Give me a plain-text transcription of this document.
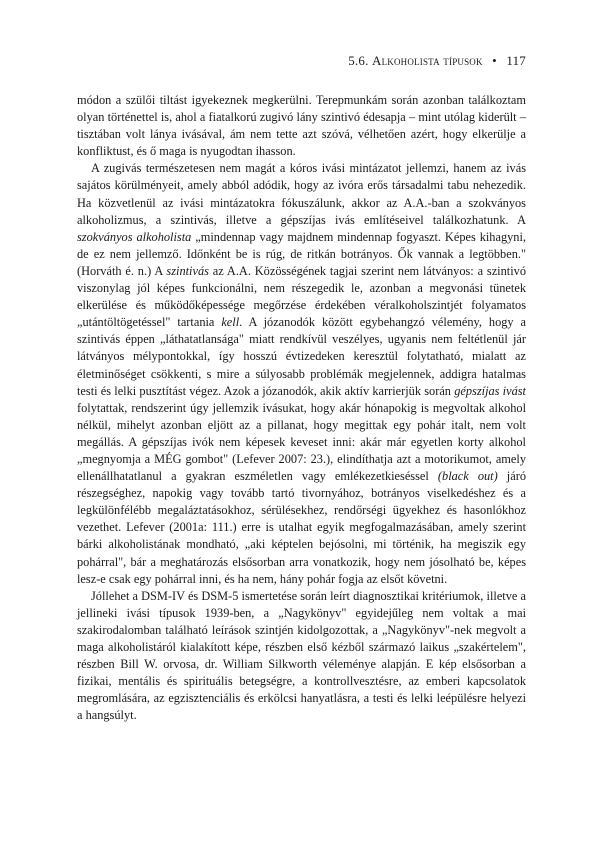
5.6. Alkoholista típusok • 117

módon a szülői tiltást igyekeznek megkerülni. Terepmunkám során azonban találkoztam olyan történettel is, ahol a fiatalkorú zugivó lány szintivó édesapja – mint utólag kiderült – tisztában volt lánya ivásával, ám nem tette azt szóvá, vélhetően azért, hogy elkerülje a konfliktust, és ő maga is nyugodtan ihasson.

A zugivás természetesen nem magát a kóros ivási mintázatot jellemzi, hanem az ivás sajátos körülményeit, amely abból adódik, hogy az ivóra erős társadalmi tabu nehezedik. Ha közvetlenül az ivási mintázatokra fókuszálunk, akkor az A.A.-ban a szokványos alkoholizmus, a szintivás, illetve a gépszíjas ivás említéseivel találkozhatunk. A szokványos alkoholista „mindennap vagy majdnem mindennap fogyaszt. Képes kihagyni, de ez nem jellemző. Időnként be is rúg, de ritkán botrányos. Ők vannak a legtöbben." (Horváth é. n.) A szintivás az A.A. Közösségének tagjai szerint nem látványos: a szintivó viszonylag jól képes funkcionálni, nem részegedik le, azonban a megvonási tünetek elkerülése és működőképessége megőrzése érdekében véralkoholszintjét folyamatos „utántöltögetéssel" tartania kell. A józanodók között egybehangzó vélemény, hogy a szintivás éppen „láthatatlansága" miatt rendkívül veszélyes, ugyanis nem feltétlenül jár látványos mélypontokkal, így hosszú évtizedeken keresztül folytatható, mialatt az életminőséget csökkenti, s mire a súlyosabb problémák megjelennek, addigra hatalmas testi és lelki pusztítást végez. Azok a józanodók, akik aktív karrierjük során gépszíjas ivást folytattak, rendszerint úgy jellemzik ivásukat, hogy akár hónapokig is megvoltak alkohol nélkül, mihelyt azonban eljött az a pillanat, hogy megittak egy pohár italt, nem volt megállás. A gépszíjas ivók nem képesek keveset inni: akár már egyetlen korty alkohol „megnyomja a MÉG gombot" (Lefever 2007: 23.), elindíthatja azt a motorikumot, amely ellenállhatatlanul a gyakran eszméletlen vagy emlékezetkieséssel (black out) járó részegséghez, napokig vagy tovább tartó tivornyához, botrányos viselkedéshez és a legkülönfélébb megaláztatásokhoz, sérülésekhez, rendőrségi ügyekhez és hasonlókhoz vezethet. Lefever (2001a: 111.) erre is utalhat egyik megfogalmazásában, amely szerint bárki alkoholistának mondható, „aki képtelen bejósolni, mi történik, ha megiszik egy pohárral", bár a meghatározás elsősorban arra vonatkozik, hogy nem jósolható be, képes lesz-e csak egy pohárral inni, és ha nem, hány pohár fogja az elsőt követni.

Jóllehet a DSM-IV és DSM-5 ismertetése során leírt diagnosztikai kritériumok, illetve a jellineki ivási típusok 1939-ben, a „Nagykönyv" egyidejűleg nem voltak a mai szakirodalomban található leírások szintjén kidolgozottak, a „Nagykönyv"-nek megvolt a maga alkoholistáról kialakított képe, részben első kézből származó laikus „szakértelem", részben Bill W. orvosa, dr. William Silkworth véleménye alapján. E kép elsősorban a fizikai, mentális és spirituális betegségre, a kontrollvesztésre, az emberi kapcsolatok megromlására, az egzisztenciális és erkölcsi hanyatlásra, a testi és lelki leépülésre helyezi a hangsúlyt.
